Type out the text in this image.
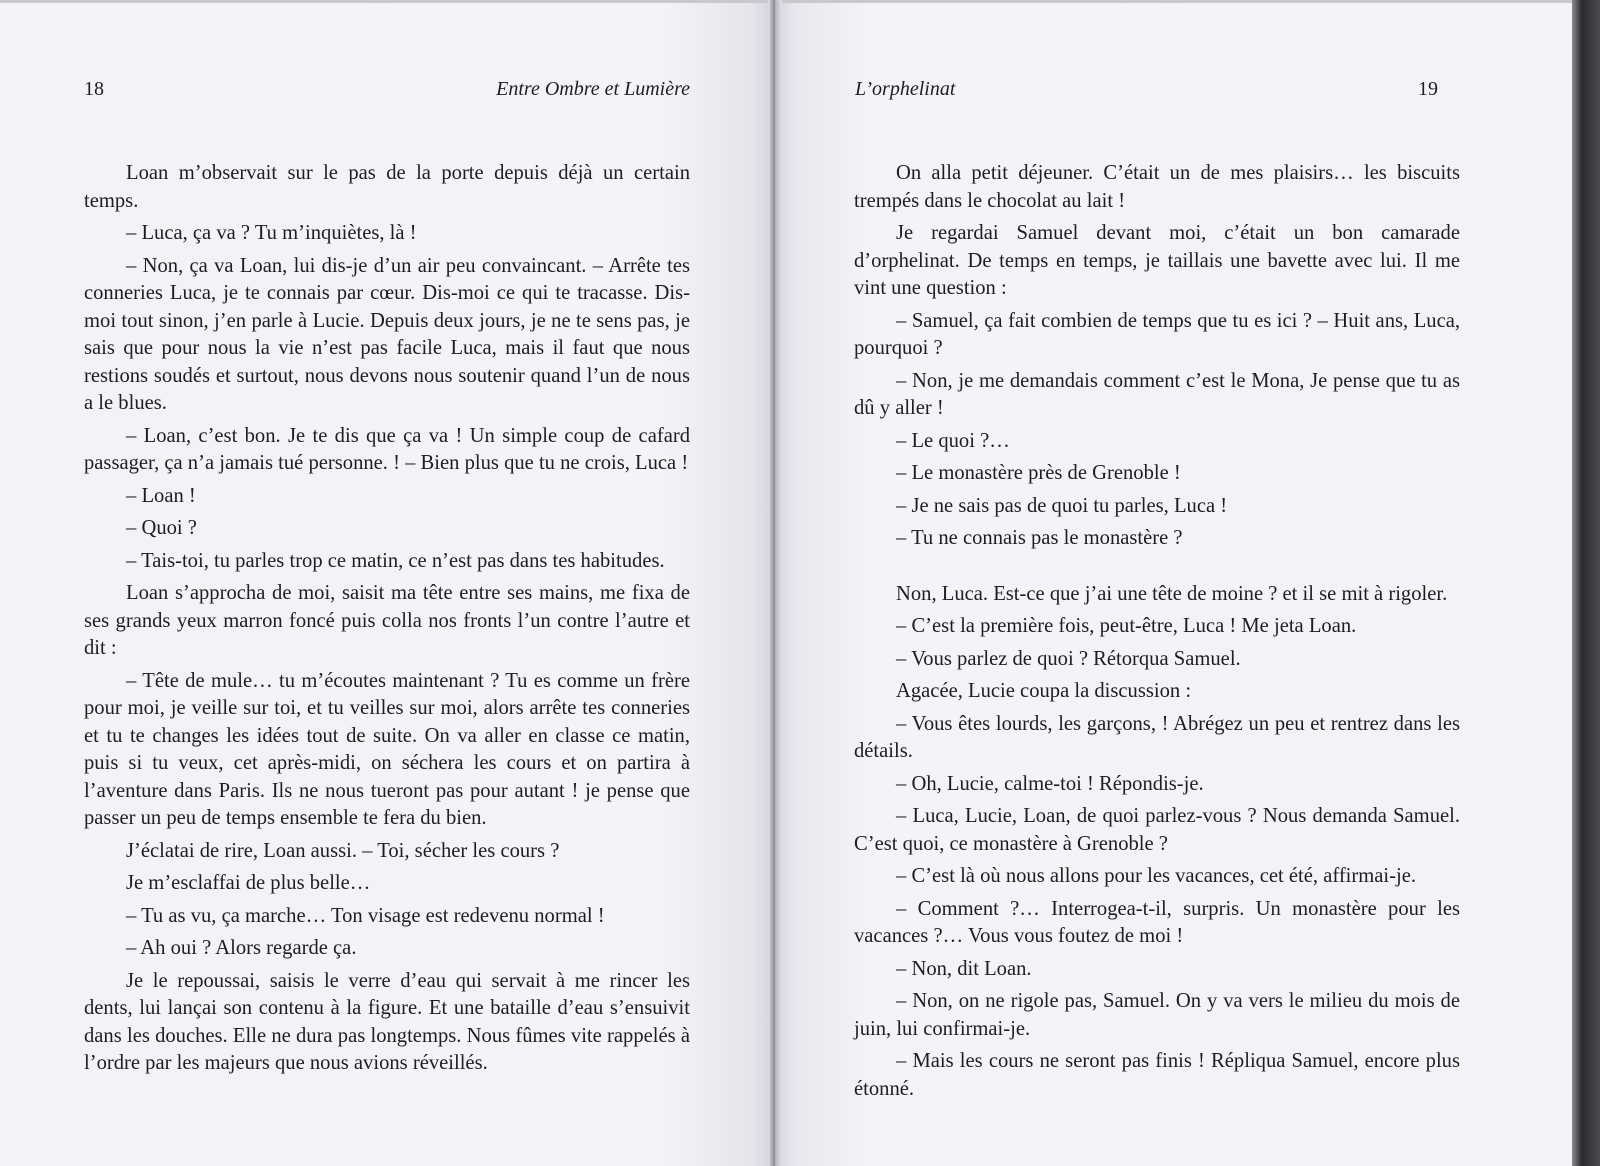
18	Entre Ombre et Lumière

Loan m’observait sur le pas de la porte depuis déjà un certain temps.

– Luca, ça va ? Tu m’inquiètes, là !

– Non, ça va Loan, lui dis-je d’un air peu convaincant. – Arrête tes conneries Luca, je te connais par cœur. Dis-moi ce qui te tracasse. Dis-moi tout sinon, j’en parle à Lucie. Depuis deux jours, je ne te sens pas, je sais que pour nous la vie n’est pas facile Luca, mais il faut que nous restions soudés et surtout, nous devons nous soutenir quand l’un de nous a le blues.

– Loan, c’est bon. Je te dis que ça va ! Un simple coup de cafard passager, ça n’a jamais tué personne. ! – Bien plus que tu ne crois, Luca !

– Loan !

– Quoi ?

– Tais-toi, tu parles trop ce matin, ce n’est pas dans tes habitudes.

Loan s’approcha de moi, saisit ma tête entre ses mains, me fixa de ses grands yeux marron foncé puis colla nos fronts l’un contre l’autre et dit :

– Tête de mule… tu m’écoutes maintenant ? Tu es comme un frère pour moi, je veille sur toi, et tu veilles sur moi, alors arrête tes conneries et tu te changes les idées tout de suite. On va aller en classe ce matin, puis si tu veux, cet après-midi, on séchera les cours et on partira à l’aventure dans Paris. Ils ne nous tueront pas pour autant ! je pense que passer un peu de temps ensemble te fera du bien.

J’éclatai de rire, Loan aussi. – Toi, sécher les cours ?

Je m’esclaffai de plus belle…

– Tu as vu, ça marche… Ton visage est redevenu normal !

– Ah oui ? Alors regarde ça.

Je le repoussai, saisis le verre d’eau qui servait à me rincer les dents, lui lançai son contenu à la figure. Et une bataille d’eau s’ensuivit dans les douches. Elle ne dura pas longtemps. Nous fûmes vite rappelés à l’ordre par les majeurs que nous avions réveillés.

L’orphelinat	19

On alla petit déjeuner. C’était un de mes plaisirs… les biscuits trempés dans le chocolat au lait !

Je regardai Samuel devant moi, c’était un bon camarade d’orphelinat. De temps en temps, je taillais une bavette avec lui. Il me vint une question :

– Samuel, ça fait combien de temps que tu es ici ? – Huit ans, Luca, pourquoi ?

– Non, je me demandais comment c’est le Mona, Je pense que tu as dû y aller !

– Le quoi ?…

– Le monastère près de Grenoble !

– Je ne sais pas de quoi tu parles, Luca !

– Tu ne connais pas le monastère ?

Non, Luca. Est-ce que j’ai une tête de moine ? et il se mit à rigoler.

– C’est la première fois, peut-être, Luca ! Me jeta Loan.

– Vous parlez de quoi ? Rétorqua Samuel.

Agacée, Lucie coupa la discussion :

– Vous êtes lourds, les garçons, ! Abrégez un peu et rentrez dans les détails.

– Oh, Lucie, calme-toi ! Répondis-je.

– Luca, Lucie, Loan, de quoi parlez-vous ? Nous demanda Samuel. C’est quoi, ce monastère à Grenoble ?

– C’est là où nous allons pour les vacances, cet été, affirmai-je.

– Comment ?… Interrogea-t-il, surpris. Un monastère pour les vacances ?… Vous vous foutez de moi !

– Non, dit Loan.

– Non, on ne rigole pas, Samuel. On y va vers le milieu du mois de juin, lui confirmai-je.

– Mais les cours ne seront pas finis ! Répliqua Samuel, encore plus étonné.
